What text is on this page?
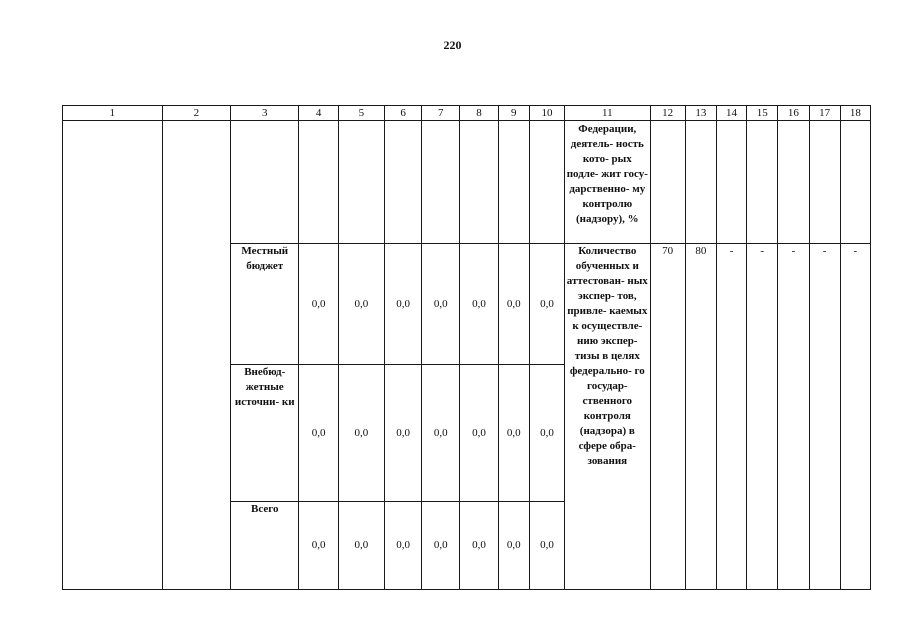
220
1	2	3	4	5	6	7	8	9	10	11	12	13	14	15	16	17	18
										Федерации, деятель- ность кото- рых подле- жит госу- дарственно- му контролю (надзору), %							
		Местный бюджет	0,0	0,0	0,0	0,0	0,0	0,0	0,0	Количество обученных и аттестован- ных экспер- тов, привле- каемых к осуществле- нию экспер- тизы в целях федерально- го государ- ственного контроля (надзора) в сфере обра- зования	70	80	-	-	-	-	-
		Внебюд- жетные источни- ки	0,0	0,0	0,0	0,0	0,0	0,0	0,0								
		Всего	0,0	0,0	0,0	0,0	0,0	0,0	0,0								
